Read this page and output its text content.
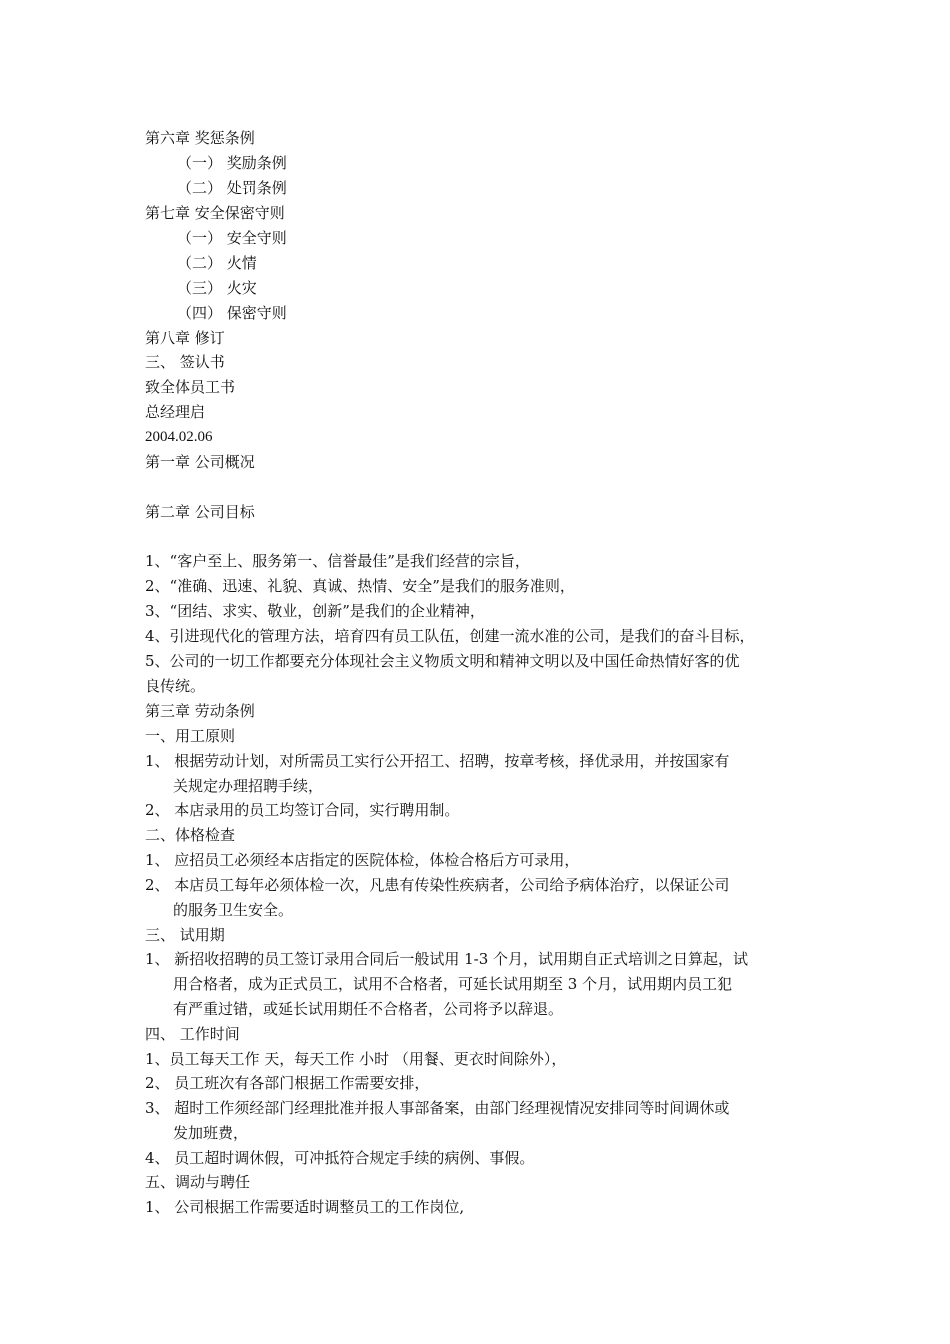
第六章 奖惩条例
（一） 奖励条例
（二） 处罚条例
第七章 安全保密守则
（一） 安全守则
（二） 火情
（三） 火灾
（四） 保密守则
第八章 修订
三、 签认书
致全体员工书
总经理启
2004.02.06
第一章 公司概况
第二章 公司目标
1、“客户至上、服务第一、信誉最佳”是我们经营的宗旨，
2、“准确、迅速、礼貌、真诚、热情、安全”是我们的服务准则，
3、“团结、求实、敬业，创新”是我们的企业精神，
4、引进现代化的管理方法，培育四有员工队伍，创建一流水准的公司，是我们的奋斗目标，
5、公司的一切工作都要充分体现社会主义物质文明和精神文明以及中国任命热情好客的优
良传统。
第三章 劳动条例
一、用工原则
1、 根据劳动计划，对所需员工实行公开招工、招聘，按章考核，择优录用，并按国家有
关规定办理招聘手续，
2、 本店录用的员工均签订合同，实行聘用制。
二、体格检查
1、 应招员工必须经本店指定的医院体检，体检合格后方可录用，
2、 本店员工每年必须体检一次，凡患有传染性疾病者，公司给予病体治疗，以保证公司
的服务卫生安全。
三、 试用期
1、 新招收招聘的员工签订录用合同后一般试用 1-3 个月，试用期自正式培训之日算起，试
用合格者，成为正式员工，试用不合格者，可延长试用期至 3 个月，试用期内员工犯
有严重过错，或延长试用期任不合格者，公司将予以辞退。
四、 工作时间
1、员工每天工作 天，每天工作 小时 （用餐、更衣时间除外），
2、 员工班次有各部门根据工作需要安排，
3、 超时工作须经部门经理批准并报人事部备案，由部门经理视情况安排同等时间调休或
发加班费，
4、 员工超时调休假，可冲抵符合规定手续的病例、事假。
五、调动与聘任
1、 公司根据工作需要适时调整员工的工作岗位,
